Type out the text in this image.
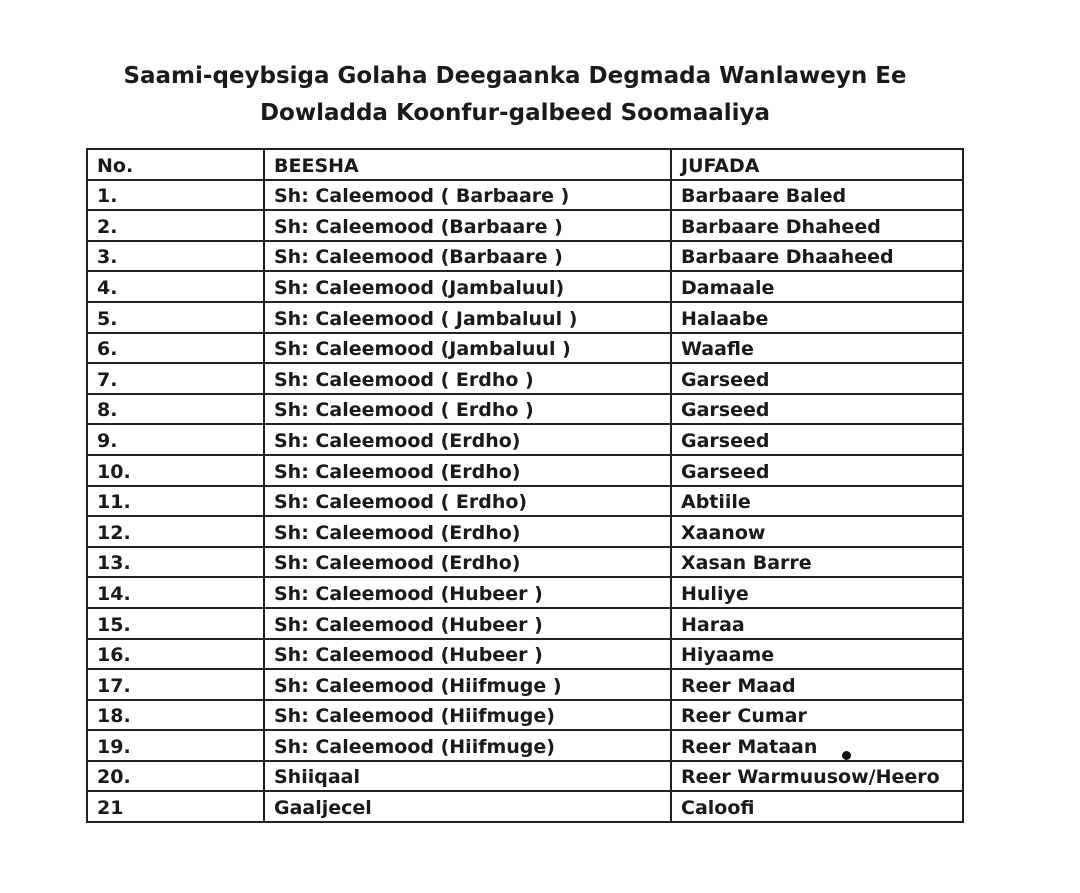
Saami-qeybsiga Golaha Deegaanka Degmada Wanlaweyn Ee
Dowladda Koonfur-galbeed Soomaaliya
No.	BEESHA	JUFADA
1.	Sh: Caleemood ( Barbaare )	Barbaare Baled
2.	Sh: Caleemood (Barbaare )	Barbaare Dhaheed
3.	Sh: Caleemood (Barbaare )	Barbaare Dhaaheed
4.	Sh: Caleemood (Jambaluul)	Damaale
5.	Sh: Caleemood ( Jambaluul )	Halaabe
6.	Sh: Caleemood (Jambaluul )	Waafle
7.	Sh: Caleemood ( Erdho )	Garseed
8.	Sh: Caleemood ( Erdho )	Garseed
9.	Sh: Caleemood (Erdho)	Garseed
10.	Sh: Caleemood (Erdho)	Garseed
11.	Sh: Caleemood ( Erdho)	Abtiile
12.	Sh: Caleemood (Erdho)	Xaanow
13.	Sh: Caleemood (Erdho)	Xasan Barre
14.	Sh: Caleemood (Hubeer )	Huliye
15.	Sh: Caleemood (Hubeer )	Haraa
16.	Sh: Caleemood (Hubeer )	Hiyaame
17.	Sh: Caleemood (Hiifmuge )	Reer Maad
18.	Sh: Caleemood (Hiifmuge)	Reer Cumar
19.	Sh: Caleemood (Hiifmuge)	Reer Mataan
20.	Shiiqaal	Reer Warmuusow/Heero
21	Gaaljecel	Caloofi
